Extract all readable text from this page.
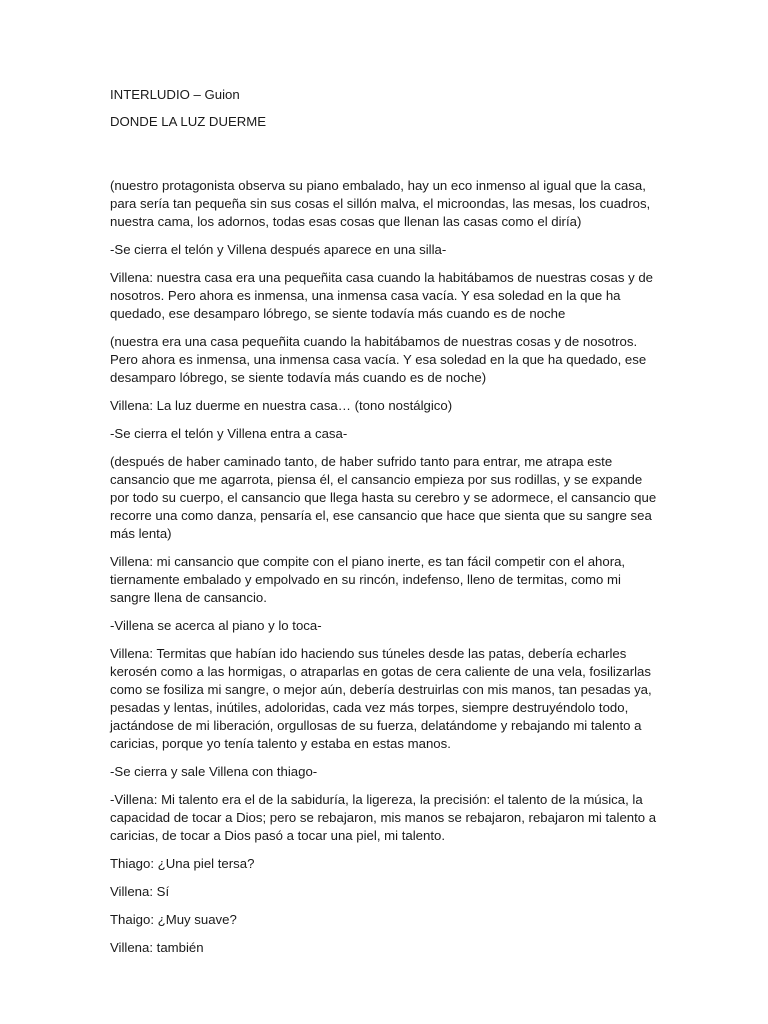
INTERLUDIO – Guion

DONDE LA LUZ DUERME

(nuestro protagonista observa su piano embalado, hay un eco inmenso al igual que la casa, para sería tan pequeña sin sus cosas el sillón malva, el microondas, las mesas, los cuadros, nuestra cama, los adornos, todas esas cosas que llenan las casas como el diría)

-Se cierra el telón y Villena después aparece en una silla-

Villena: nuestra casa era una pequeñita casa cuando la habitábamos de nuestras cosas y de nosotros. Pero ahora es inmensa, una inmensa casa vacía. Y esa soledad en la que ha quedado, ese desamparo lóbrego, se siente todavía más cuando es de noche

(nuestra era una casa pequeñita cuando la habitábamos de nuestras cosas y de nosotros. Pero ahora es inmensa, una inmensa casa vacía. Y esa soledad en la que ha quedado, ese desamparo lóbrego, se siente todavía más cuando es de noche)

Villena: La luz duerme en nuestra casa… (tono nostálgico)

-Se cierra el telón y Villena entra a casa-

(después de haber caminado tanto, de haber sufrido tanto para entrar, me atrapa este cansancio que me agarrota, piensa él, el cansancio empieza por sus rodillas, y se expande por todo su cuerpo, el cansancio que llega hasta su cerebro y se adormece, el cansancio que recorre una como danza, pensaría el, ese cansancio que hace que sienta que su sangre sea más lenta)

Villena: mi cansancio que compite con el piano inerte, es tan fácil competir con el ahora, tiernamente embalado y empolvado en su rincón, indefenso, lleno de termitas, como mi sangre llena de cansancio.

-Villena se acerca al piano y lo toca-

Villena: Termitas que habían ido haciendo sus túneles desde las patas, debería echarles kerosén como a las hormigas, o atraparlas en gotas de cera caliente de una vela, fosilizarlas como se fosiliza mi sangre, o mejor aún, debería destruirlas con mis manos, tan pesadas ya, pesadas y lentas, inútiles, adoloridas, cada vez más torpes, siempre destruyéndolo todo, jactándose de mi liberación, orgullosas de su fuerza, delatándome y rebajando mi talento a caricias, porque yo tenía talento y estaba en estas manos.

-Se cierra y sale Villena con thiago-

-Villena: Mi talento era el de la sabiduría, la ligereza, la precisión: el talento de la música, la capacidad de tocar a Dios; pero se rebajaron, mis manos se rebajaron, rebajaron mi talento a caricias, de tocar a Dios pasó a tocar una piel, mi talento.

Thiago: ¿Una piel tersa?

Villena: Sí

Thaigo: ¿Muy suave?

Villena: también
